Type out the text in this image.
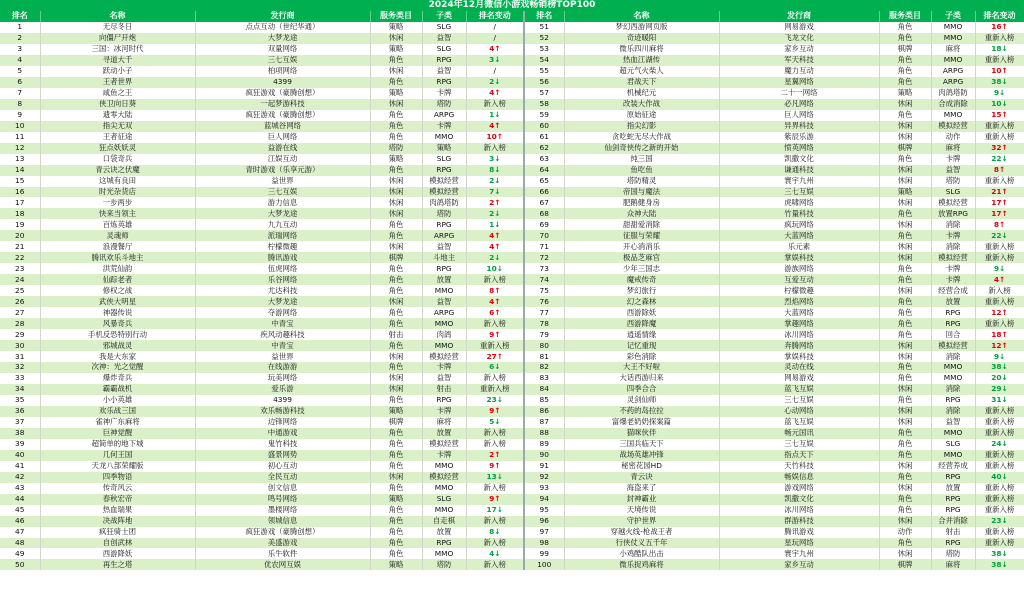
2024年12月微信小游戏畅销榜TOP100
排名	名称	发行商	服务类目	子类	排名变动	排名	名称	发行商	服务类目	子类	排名变动
1	无尽冬日	点点互动（世纪华通）	策略	SLG	/	51	梦幻西游网页版	网易游戏	角色	MMO	16↑
2	向僵尸开炮	大梦龙途	休闲	益智	/	52	奇迹暖阳	飞龙文化	角色	MMO	重新入榜
3	三国：冰河时代	双量网络	策略	SLG	4↑	53	微乐四川麻将	家乡互动	棋牌	麻将	18↓
4	寻道大千	三七互娱	角色	RPG	3↓	54	热血江湖传	军天科技	角色	MMO	重新入榜
5	跃动小子	柏项网络	休闲	益智	/	55	超元气火柴人	魔力互动	角色	ARPG	10↑
6	王者世界	4399	角色	RPG	2↓	56	君战天下	星翼网络	角色	ARPG	38↓
7	咸鱼之王	疯狂游戏（豪腾创想）	策略	卡牌	4↑	57	机械纪元	二十一网络	策略	肉鸽塔防	9↓
8	侠卫向日葵	一起梦游科技	休闲	塔防	新入榜	58	改装大作战	必凡网络	休闲	合成消除	10↓
9	遗零大陆	疯狂游戏（豪腾创想）	角色	ARPG	1↓	59	原始征途	巨人网络	角色	MMO	15↑
10	指尖无双	蓝城谷网络	角色	卡牌	4↑	60	指尖幻影	异界科技	休闲	模拟经营	重新入榜
11	王者征途	巨人网络	角色	MMO	10↑	61	贪吃蛇无尽大作战	紫辰乐游	休闲	动作	重新入榜
12	狂点妖妖灵	益游在线	塔防	策略	新入榜	62	仙剑奇侠传之新的开始	愤英网络	棋牌	麻将	32↑
13	口袋奇兵	江娱互动	策略	SLG	3↓	63	纯三国	凯撒文化	角色	卡牌	22↓
14	青云诀之伏魔	青时游戏（乐享元游）	角色	RPG	8↓	64	鱼吃鱼	谦通科技	休闲	益智	8↑
15	这城有良田	益世界	休闲	模拟经营	2↓	65	塔防精灵	寰宇九州	休闲	塔防	重新入榜
16	时光杂货店	三七互娱	休闲	模拟经营	7↓	66	帝国与魔法	三七互娱	策略	SLG	21↑
17	一步两步	游力信息	休闲	肉鸽塔防	2↑	67	肥鹅健身房	虎啸网络	休闲	模拟经营	17↑
18	快来当领主	大梦龙途	休闲	塔防	2↓	68	众神大陆	竹量科技	角色	放置RPG	17↑
19	百炼英雄	九九互动	角色	RPG	1↓	69	甜甜爱消除	疯玩网络	休闲	消除	8↑
20	灵魂师	派瑞网络	角色	ARPG	4↑	70	征服与荣耀	大蓝网络	角色	卡牌	22↓
21	浪漫餐厅	柠檬微趣	休闲	益智	4↑	71	开心消消乐	乐元素	休闲	消除	重新入榜
22	腾讯欢乐斗地主	腾讯游戏	棋牌	斗地主	2↓	72	极品芝麻官	掌娱科技	休闲	模拟经营	重新入榜
23	洪荒仙韵	伍虎网络	角色	RPG	10↓	73	少年三国志	游族网络	角色	卡牌	9↓
24	仙踪老者	乐谷网络	角色	放置	新入榜	74	魔戒传奇	互爱互动	角色	卡牌	4↑
25	修权之战	尤达科技	角色	MMO	8↑	75	梦幻旅行	柠檬微趣	休闲	经营合成	新入榜
26	武侠大明星	大梦龙途	休闲	益智	4↑	76	幻之森林	烈焰网络	角色	放置	重新入榜
27	神器传说	夺游网络	角色	ARPG	6↑	77	西游除妖	大蓝网络	角色	RPG	12↑
28	风暴奇兵	中青宝	角色	MMO	新入榜	78	西游降魔	掌趣网络	角色	RPG	重新入榜
29	手机反恐特别行动	疾风动趣科技	射击	肉鸽	9↑	79	逍遥情缘	冰川网络	角色	回合	18↑
30	邪城战灵	中青宝	角色	MMO	重新入榜	80	记忆重现	奔腾网络	休闲	模拟经营	12↑
31	我是大东家	益世界	休闲	模拟经营	27↑	81	彩色消除	掌娱科技	休闲	消除	9↓
32	次神：光之觉醒	在线游游	角色	卡牌	6↓	82	大王不好啦	灵动在线	角色	MMO	38↓
33	爆炸奇兵	玩美网络	休闲	益智	新入榜	83	大话西游归来	网易游戏	角色	MMO	20↓
34	霸霸战机	爱乐游	休闲	射击	重新入榜	84	四季合合	蓝飞互娱	休闲	消除	29↓
35	小小英雄	4399	角色	RPG	23↓	85	灵剑仙师	三七互娱	角色	RPG	31↓
36	欢乐战三国	欢乐畅游科技	策略	卡牌	9↑	86	不药的岛拉拉	心动网络	休闲	消除	重新入榜
37	雀神广东麻将	边锋网络	棋牌	麻将	5↓	87	富爆老奶奶探案篇	蓝飞互娱	休闲	益智	重新入榜
38	巨神觉醒	中通游戏	角色	放置	新入榜	88	猫咪伙伴	畅元国讯	角色	MMO	重新入榜
39	超简单的地下城	鬼竹科技	角色	模拟经营	新入榜	89	三国兵临天下	三七互娱	角色	SLG	24↓
40	几何王国	盛景网势	角色	卡牌	2↑	90	战场英雄冲锋	指点天下	角色	MMO	重新入榜
41	天龙八部荣耀版	初心互动	角色	MMO	9↑	91	秘密花园HD	天竹科技	休闲	经营养成	重新入榜
42	四季物语	全民互动	休闲	模拟经营	13↓	92	青云诀	畅娱信息	角色	RPG	40↓
43	传奇风云	创文信息	角色	MMO	新入榜	93	海盗来了	游戏网络	休闲	放置	重新入榜
44	春秋宏帝	鸣号网络	策略	SLG	9↑	94	封神霸业	凯撒文化	角色	RPG	重新入榜
45	热血瑞果	墨楼网络	角色	MMO	17↓	95	天境传说	冰川网络	角色	RPG	重新入榜
46	决战阵地	领城信息	角色	自走棋	新入榜	96	守护世界	群游科技	休闲	合并消除	23↓
47	疯狂骑士团	疯狂游戏（豪腾创想）	角色	放置	8↓	97	穿越火线-枪战王者	腾讯游戏	动作	射击	重新入榜
48	自创武林	美盛游戏	角色	RPG	新入榜	98	行侠仗义五千年	星玩网络	角色	RPG	重新入榜
49	西游降妖	乐牛软件	角色	MMO	4↓	99	小鸡酷队出击	寰宇九州	休闲	塔防	38↓
50	再生之塔	优农网互娱	策略	塔防	新入榜	100	微乐捉鸡麻将	家乡互动	棋牌	麻将	38↓
